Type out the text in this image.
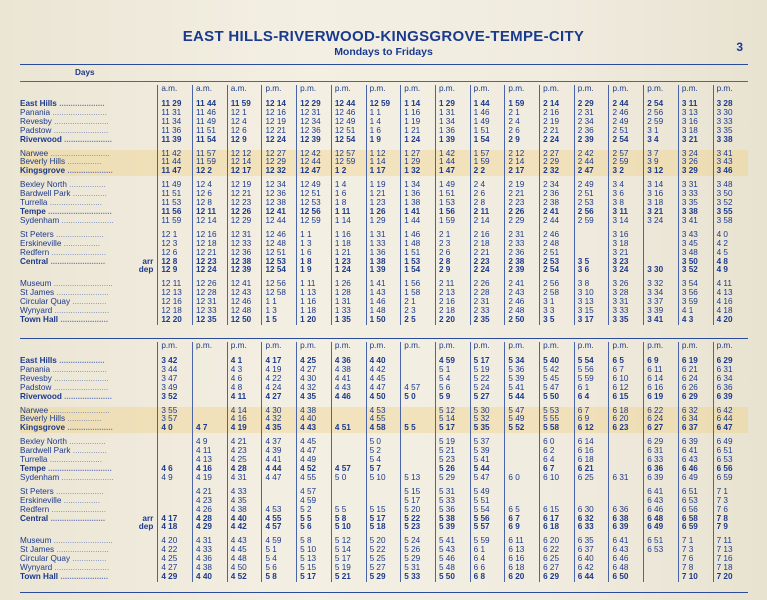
EAST HILLS-RIVERWOOD-KINGSGROVE-TEMPE-CITY
Mondays to Fridays	3
Days
	a.m.	a.m.	a.m.	p.m.	p.m.	p.m.	p.m.	p.m.	p.m.	p.m.	p.m.	p.m.	p.m.	p.m.	p.m.	p.m.	p.m.

East Hills ....................	11 29	11 44	11 59	12 14	12 29	12 44	12 59	1 14	1 29	1 44	1 59	2 14	2 29	2 44	2 54	3 11	3 28
Panania ........................	11 31	11 46	12 1	12 16	12 31	12 46	1 1	1 16	1 31	1 46	2 1	2 16	2 31	2 46	2 56	3 13	3 30
Revesby ........................	11 34	11 49	12 4	12 19	12 34	12 49	1 4	1 19	1 34	1 49	2 4	2 19	2 34	2 49	2 59	3 16	3 33
Padstow ........................	11 36	11 51	12 6	12 21	12 36	12 51	1 6	1 21	1 36	1 51	2 6	2 21	2 36	2 51	3 1	3 18	3 35
Riverwood .....................	11 39	11 54	12 9	12 24	12 39	12 54	1 9	1 24	1 39	1 54	2 9	2 24	2 39	2 54	3 4	3 21	3 38

Narwee ..........................	11 42	11 57	12 12	12 27	12 42	12 57	1 12	1 27	1 42	1 57	2 12	2 27	2 42	2 57	3 7	3 24	3 41
Beverly Hills ...............	11 44	11 59	12 14	12 29	12 44	12 59	1 14	1 29	1 44	1 59	2 14	2 29	2 44	2 59	3 9	3 26	3 43
Kingsgrove ....................	11 47	12 2	12 17	12 32	12 47	1 2	1 17	1 32	1 47	2 2	2 17	2 32	2 47	3 2	3 12	3 29	3 46

Bexley North ................	11 49	12 4	12 19	12 34	12 49	1 4	1 19	1 34	1 49	2 4	2 19	2 34	2 49	3 4	3 14	3 31	3 48
Bardwell Park ...............	11 51	12 6	12 21	12 36	12 51	1 6	1 21	1 36	1 51	2 6	2 21	2 36	2 51	3 6	3 16	3 33	3 50
Turrella .......................	11 53	12 8	12 23	12 38	12 53	1 8	1 23	1 38	1 53	2 8	2 23	2 38	2 53	3 8	3 18	3 35	3 52
Tempe ............................	11 56	12 11	12 26	12 41	12 56	1 11	1 26	1 41	1 56	2 11	2 26	2 41	2 56	3 11	3 21	3 38	3 55
Sydenham .......................	11 59	12 14	12 29	12 44	12 59	1 14	1 29	1 44	1 59	2 14	2 29	2 44	2 59	3 14	3 24	3 41	3 58

St Peters .....................	12 1	12 16	12 31	12 46	1 1	1 16	1 31	1 46	2 1	2 16	2 31	2 46		3 16		3 43	4 0
Erskineville ................	12 3	12 18	12 33	12 48	1 3	1 18	1 33	1 48	2 3	2 18	2 33	2 48		3 18		3 45	4 2
Redfern ........................	12 6	12 21	12 36	12 51	1 6	1 21	1 36	1 51	2 6	2 21	2 36	2 51		3 21		3 48	4 5

arr
Central ........................	12 8	12 23	12 38	12 53	1 8	1 23	1 38	1 53	2 8	2 23	2 38	2 53	3 5	3 23		3 50	4 8

dep	12 9	12 24	12 39	12 54	1 9	1 24	1 39	1 54	2 9	2 24	2 39	2 54	3 6	3 24	3 30	3 52	4 9

Museum ..........................	12 11	12 26	12 41	12 56	1 11	1 26	1 41	1 56	2 11	2 26	2 41	2 56	3 8	3 26	3 32	3 54	4 11
St James .......................	12 13	12 28	12 43	12 58	1 13	1 28	1 43	1 58	2 13	2 28	2 43	2 58	3 10	3 28	3 34	3 56	4 13
Circular Quay ...............	12 16	12 31	12 46	1 1	1 16	1 31	1 46	2 1	2 16	2 31	2 46	3 1	3 13	3 31	3 37	3 59	4 16
Wynyard ........................	12 18	12 33	12 48	1 3	1 18	1 33	1 48	2 3	2 18	2 33	2 48	3 3	3 15	3 33	3 39	4 1	4 18
Town Hall .....................	12 20	12 35	12 50	1 5	1 20	1 35	1 50	2 5	2 20	2 35	2 50	3 5	3 17	3 35	3 41	4 3	4 20
	p.m.	p.m.	p.m.	p.m.	p.m.	p.m.	p.m.	p.m.	p.m.	p.m.	p.m.	p.m.	p.m.	p.m.	p.m.	p.m.	p.m.

East Hills ....................	3 42		4 1	4 17	4 25	4 36	4 40		4 59	5 17	5 34	5 40	5 54	6 5	6 9	6 19	6 29
Panania ........................	3 44		4 3	4 19	4 27	4 38	4 42		5 1	5 19	5 36	5 42	5 56	6 7	6 11	6 21	6 31
Revesby ........................	3 47		4 6	4 22	4 30	4 41	4 45		5 4	5 22	5 39	5 45	5 59	6 10	6 14	6 24	6 34
Padstow ........................	3 49		4 8	4 24	4 32	4 43	4 47	4 57	5 6	5 24	5 41	5 47	6 1	6 12	6 16	6 26	6 36
Riverwood .....................	3 52		4 11	4 27	4 35	4 46	4 50	5 0	5 9	5 27	5 44	5 50	6 4	6 15	6 19	6 29	6 39

Narwee ..........................	3 55		4 14	4 30	4 38		4 53		5 12	5 30	5 47	5 53	6 7	6 18	6 22	6 32	6 42
Beverly Hills ...............	3 57		4 16	4 32	4 40		4 55		5 14	5 32	5 49	5 55	6 9	6 20	6 24	6 34	6 44
Kingsgrove ....................	4 0	4 7	4 19	4 35	4 43	4 51	4 58	5 5	5 17	5 35	5 52	5 58	6 12	6 23	6 27	6 37	6 47

Bexley North ................		4 9	4 21	4 37	4 45		5 0		5 19	5 37		6 0	6 14		6 29	6 39	6 49
Bardwell Park ...............		4 11	4 23	4 39	4 47		5 2		5 21	5 39		6 2	6 16		6 31	6 41	6 51
Turrella .......................		4 13	4 25	4 41	4 49		5 4		5 23	5 41		6 4	6 18		6 33	6 43	6 53
Tempe ............................	4 6	4 16	4 28	4 44	4 52	4 57	5 7		5 26	5 44		6 7	6 21		6 36	6 46	6 56
Sydenham .......................	4 9	4 19	4 31	4 47	4 55	5 0	5 10	5 13	5 29	5 47	6 0	6 10	6 25	6 31	6 39	6 49	6 59

St Peters .....................		4 21	4 33		4 57			5 15	5 31	5 49					6 41	6 51	7 1
Erskineville ................		4 23	4 35		4 59			5 17	5 33	5 51					6 43	6 53	7 3
Redfern ........................		4 26	4 38	4 53	5 2	5 5	5 15	5 20	5 36	5 54	6 5	6 15	6 30	6 36	6 46	6 56	7 6

arr
Central ........................	4 17	4 28	4 40	4 55	5 5	5 8	5 17	5 22	5 38	5 56	6 7	6 17	6 32	6 38	6 48	6 58	7 8

dep	4 18	4 29	4 42	4 57	5 6	5 10	5 18	5 23	5 39	5 57	6 9	6 18	6 33	6 39	6 49	6 59	7 9

Museum ..........................	4 20	4 31	4 43	4 59	5 8	5 12	5 20	5 24	5 41	5 59	6 11	6 20	6 35	6 41	6 51	7 1	7 11
St James .......................	4 22	4 33	4 45	5 1	5 10	5 14	5 22	5 26	5 43	6 1	6 13	6 22	6 37	6 43	6 53	7 3	7 13
Circular Quay ...............	4 25	4 36	4 48	5 4	5 13	5 17	5 25	5 29	5 46	6 4	6 16	6 25	6 40	6 46		7 6	7 16
Wynyard ........................	4 27	4 38	4 50	5 6	5 15	5 19	5 27	5 31	5 48	6 6	6 18	6 27	6 42	6 48		7 8	7 18
Town Hall .....................	4 29	4 40	4 52	5 8	5 17	5 21	5 29	5 33	5 50	6 8	6 20	6 29	6 44	6 50		7 10	7 20
